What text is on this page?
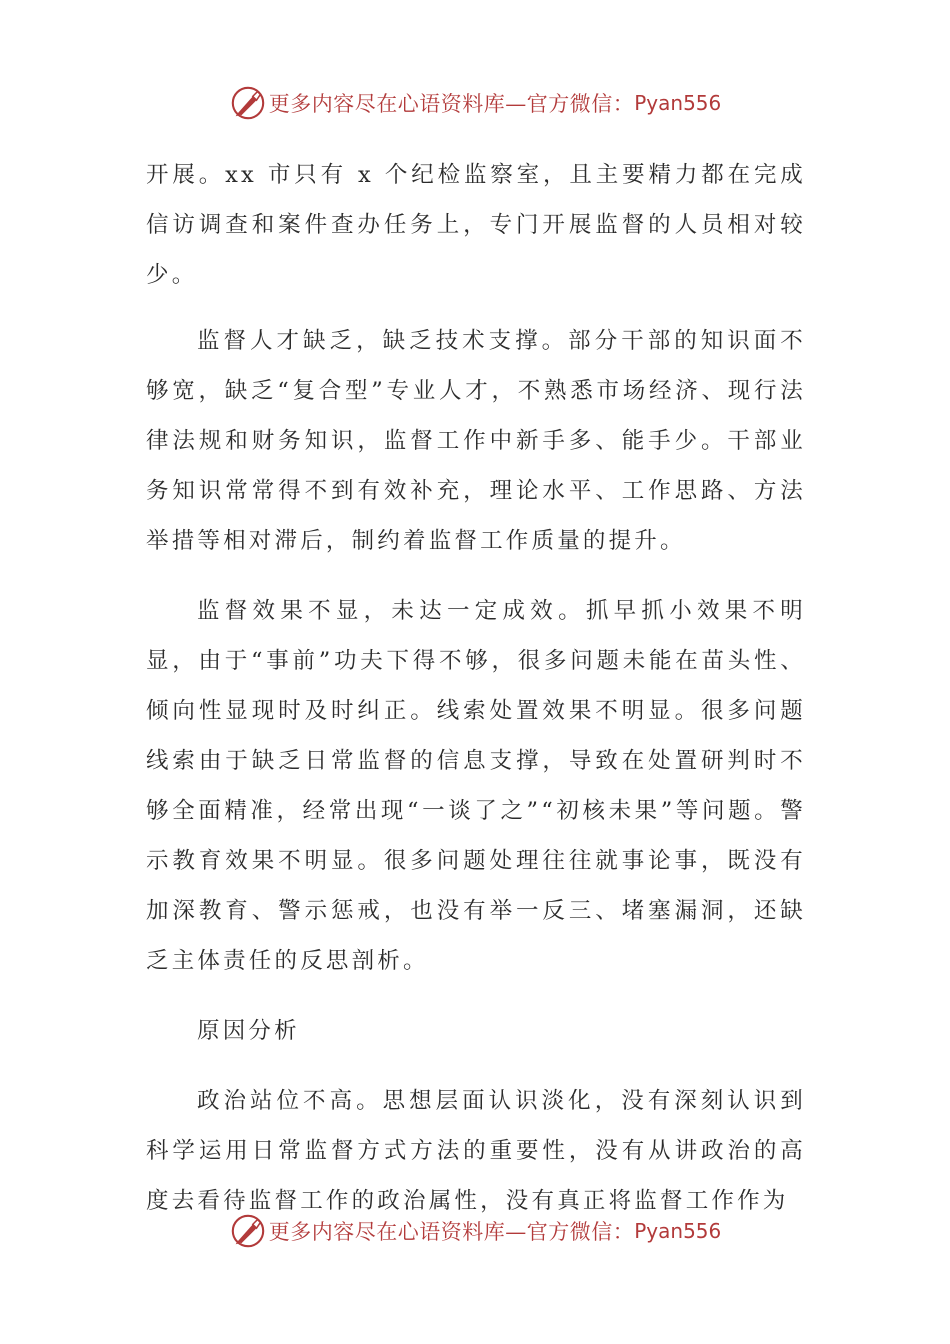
更多内容尽在心语资料库—官方微信： Pyan556

开展。xx 市只有 x 个纪检监察室，且主要精力都在完成信访调查和案件查办任务上，专门开展监督的人员相对较少。

监督人才缺乏，缺乏技术支撑。部分干部的知识面不够宽，缺乏“复合型”专业人才，不熟悉市场经济、现行法律法规和财务知识，监督工作中新手多、能手少。干部业务知识常常得不到有效补充，理论水平、工作思路、方法举措等相对滞后，制约着监督工作质量的提升。

监督效果不显，未达一定成效。抓早抓小效果不明显，由于“事前”功夫下得不够，很多问题未能在苗头性、倾向性显现时及时纠正。线索处置效果不明显。很多问题线索由于缺乏日常监督的信息支撑，导致在处置研判时不够全面精准，经常出现“一谈了之”“初核未果”等问题。警示教育效果不明显。很多问题处理往往就事论事，既没有加深教育、警示惩戒，也没有举一反三、堵塞漏洞，还缺乏主体责任的反思剖析。

原因分析

政治站位不高。思想层面认识淡化，没有深刻认识到科学运用日常监督方式方法的重要性，没有从讲政治的高度去看待监督工作的政治属性，没有真正将监督工作作为

更多内容尽在心语资料库—官方微信： Pyan556
